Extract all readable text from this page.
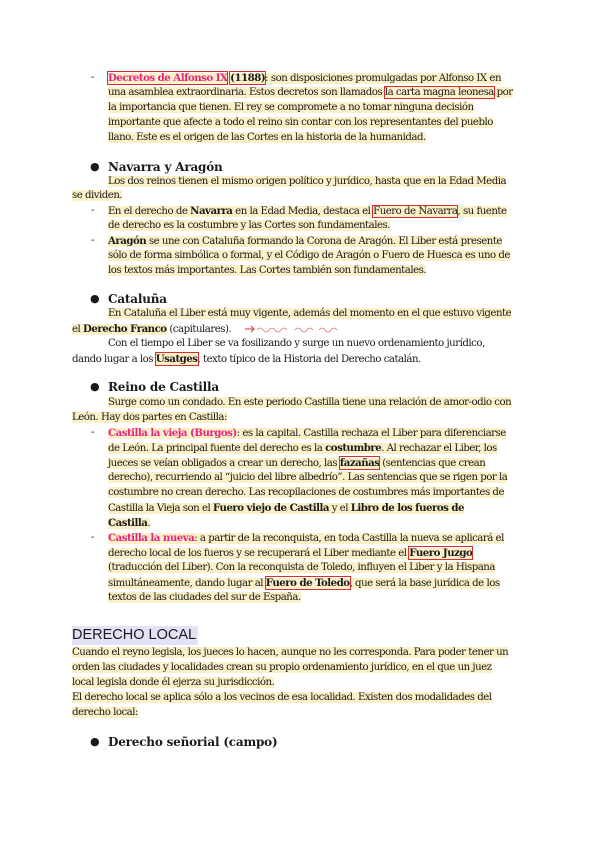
- Decretos de Alfonso IX (1188): son disposiciones promulgadas por Alfonso IX en
una asamblea extraordinaria. Estos decretos son llamados la carta magna leonesa por
la importancia que tienen. El rey se compromete a no tomar ninguna decisión
importante que afecte a todo el reino sin contar con los representantes del pueblo
llano. Este es el origen de las Cortes en la historia de la humanidad.
● Navarra y Aragón
Los dos reinos tienen el mismo origen político y jurídico, hasta que en la Edad Media
se dividen.
- En el derecho de Navarra en la Edad Media, destaca el Fuero de Navarra, su fuente
de derecho es la costumbre y las Cortes son fundamentales.
- Aragón se une con Cataluña formando la Corona de Aragón. El Liber está presente
sólo de forma simbólica o formal, y el Código de Aragón o Fuero de Huesca es uno de
los textos más importantes. Las Cortes también son fundamentales.
● Cataluña
En Cataluña el Liber está muy vigente, además del momento en el que estuvo vigente
el Derecho Franco (capitulares).
Con el tiempo el Liber se va fosilizando y surge un nuevo ordenamiento jurídico,
dando lugar a los Usatges, texto típico de la Historia del Derecho catalán.
● Reino de Castilla
Surge como un condado. En este periodo Castilla tiene una relación de amor-odio con
León. Hay dos partes en Castilla:
- Castilla la vieja (Burgos): es la capital. Castilla rechaza el Liber para diferenciarse
de León. La principal fuente del derecho es la costumbre. Al rechazar el Liber, los
jueces se veían obligados a crear un derecho, las fazañas (sentencias que crean
derecho), recurriendo al “juicio del libre albedrío”. Las sentencias que se rigen por la
costumbre no crean derecho. Las recopilaciones de costumbres más importantes de
Castilla la Vieja son el Fuero viejo de Castilla y el Libro de los fueros de
Castilla.
- Castilla la nueva: a partir de la reconquista, en toda Castilla la nueva se aplicará el
derecho local de los fueros y se recuperará el Liber mediante el Fuero Juzgo
(traducción del Liber). Con la reconquista de Toledo, influyen el Liber y la Hispana
simultáneamente, dando lugar al Fuero de Toledo, que será la base jurídica de los
textos de las ciudades del sur de España.
DERECHO LOCAL
Cuando el reyno legisla, los jueces lo hacen, aunque no les corresponda. Para poder tener un
orden las ciudades y localidades crean su propio ordenamiento jurídico, en el que un juez
local legisla donde él ejerza su jurisdicción.
El derecho local se aplica sólo a los vecinos de esa localidad. Existen dos modalidades del
derecho local:
● Derecho señorial (campo)
